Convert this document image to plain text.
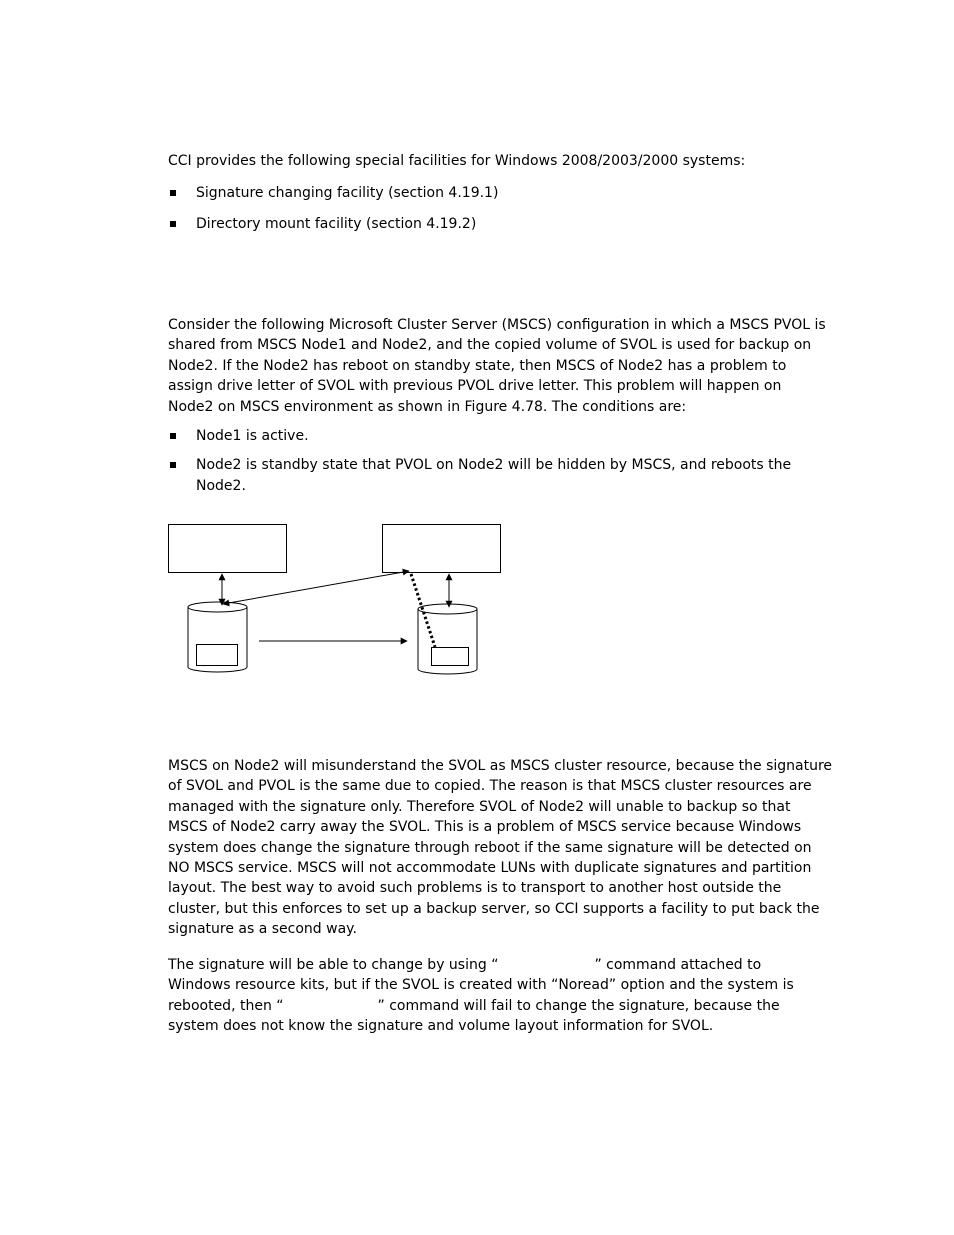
CCI provides the following special facilities for Windows 2008/2003/2000 systems:

Signature changing facility (section 4.19.1)
Directory mount facility (section 4.19.2)

Consider the following Microsoft Cluster Server (MSCS) configuration in which a MSCS PVOL is
shared from MSCS Node1 and Node2, and the copied volume of SVOL is used for backup on
Node2. If the Node2 has reboot on standby state, then MSCS of Node2 has a problem to
assign drive letter of SVOL with previous PVOL drive letter. This problem will happen on
Node2 on MSCS environment as shown in Figure 4.78. The conditions are:

Node1 is active.
Node2 is standby state that PVOL on Node2 will be hidden by MSCS, and reboots the
Node2.

MSCS on Node2 will misunderstand the SVOL as MSCS cluster resource, because the signature
of SVOL and PVOL is the same due to copied. The reason is that MSCS cluster resources are
managed with the signature only. Therefore SVOL of Node2 will unable to backup so that
MSCS of Node2 carry away the SVOL. This is a problem of MSCS service because Windows
system does change the signature through reboot if the same signature will be detected on
NO MSCS service. MSCS will not accommodate LUNs with duplicate signatures and partition
layout. The best way to avoid such problems is to transport to another host outside the
cluster, but this enforces to set up a backup server, so CCI supports a facility to put back the
signature as a second way.

The signature will be able to change by using “	” command attached to
Windows resource kits, but if the SVOL is created with “Noread” option and the system is
rebooted, then “	” command will fail to change the signature, because the
system does not know the signature and volume layout information for SVOL.
